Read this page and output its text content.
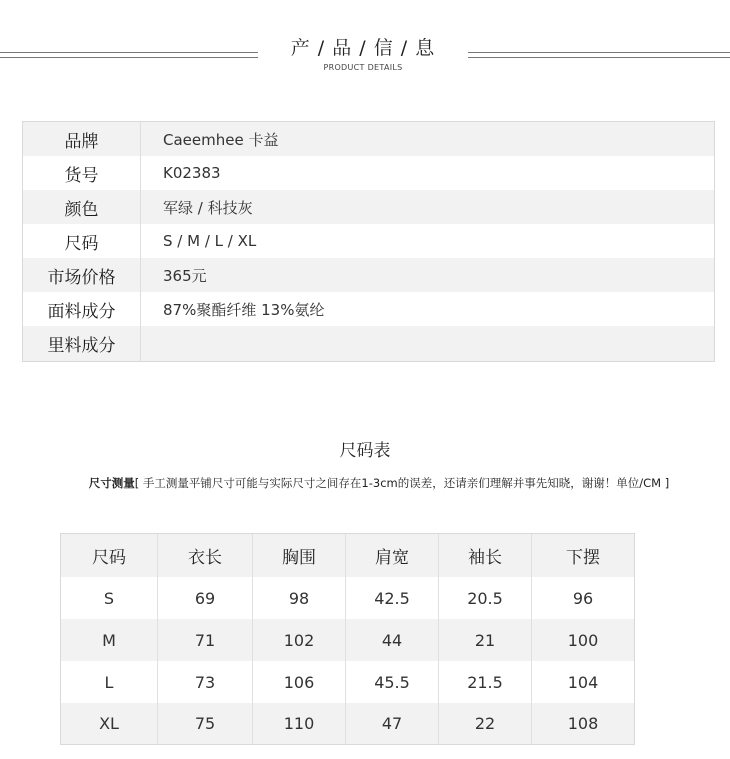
产 / 品 / 信 / 息
PRODUCT DETAILS
品牌	Caeemhee 卡益
货号	K02383
颜色	军绿 / 科技灰
尺码	S / M / L / XL
市场价格	365元
面料成分	87%聚酯纤维 13%氨纶
里料成分
尺码表
尺寸测量[ 手工测量平铺尺寸可能与实际尺寸之间存在1-3cm的误差，还请亲们理解并事先知晓，谢谢！单位/CM ]
尺码	衣长	胸围	肩宽	袖长	下摆
S	69	98	42.5	20.5	96
M	71	102	44	21	100
L	73	106	45.5	21.5	104
XL	75	110	47	22	108
